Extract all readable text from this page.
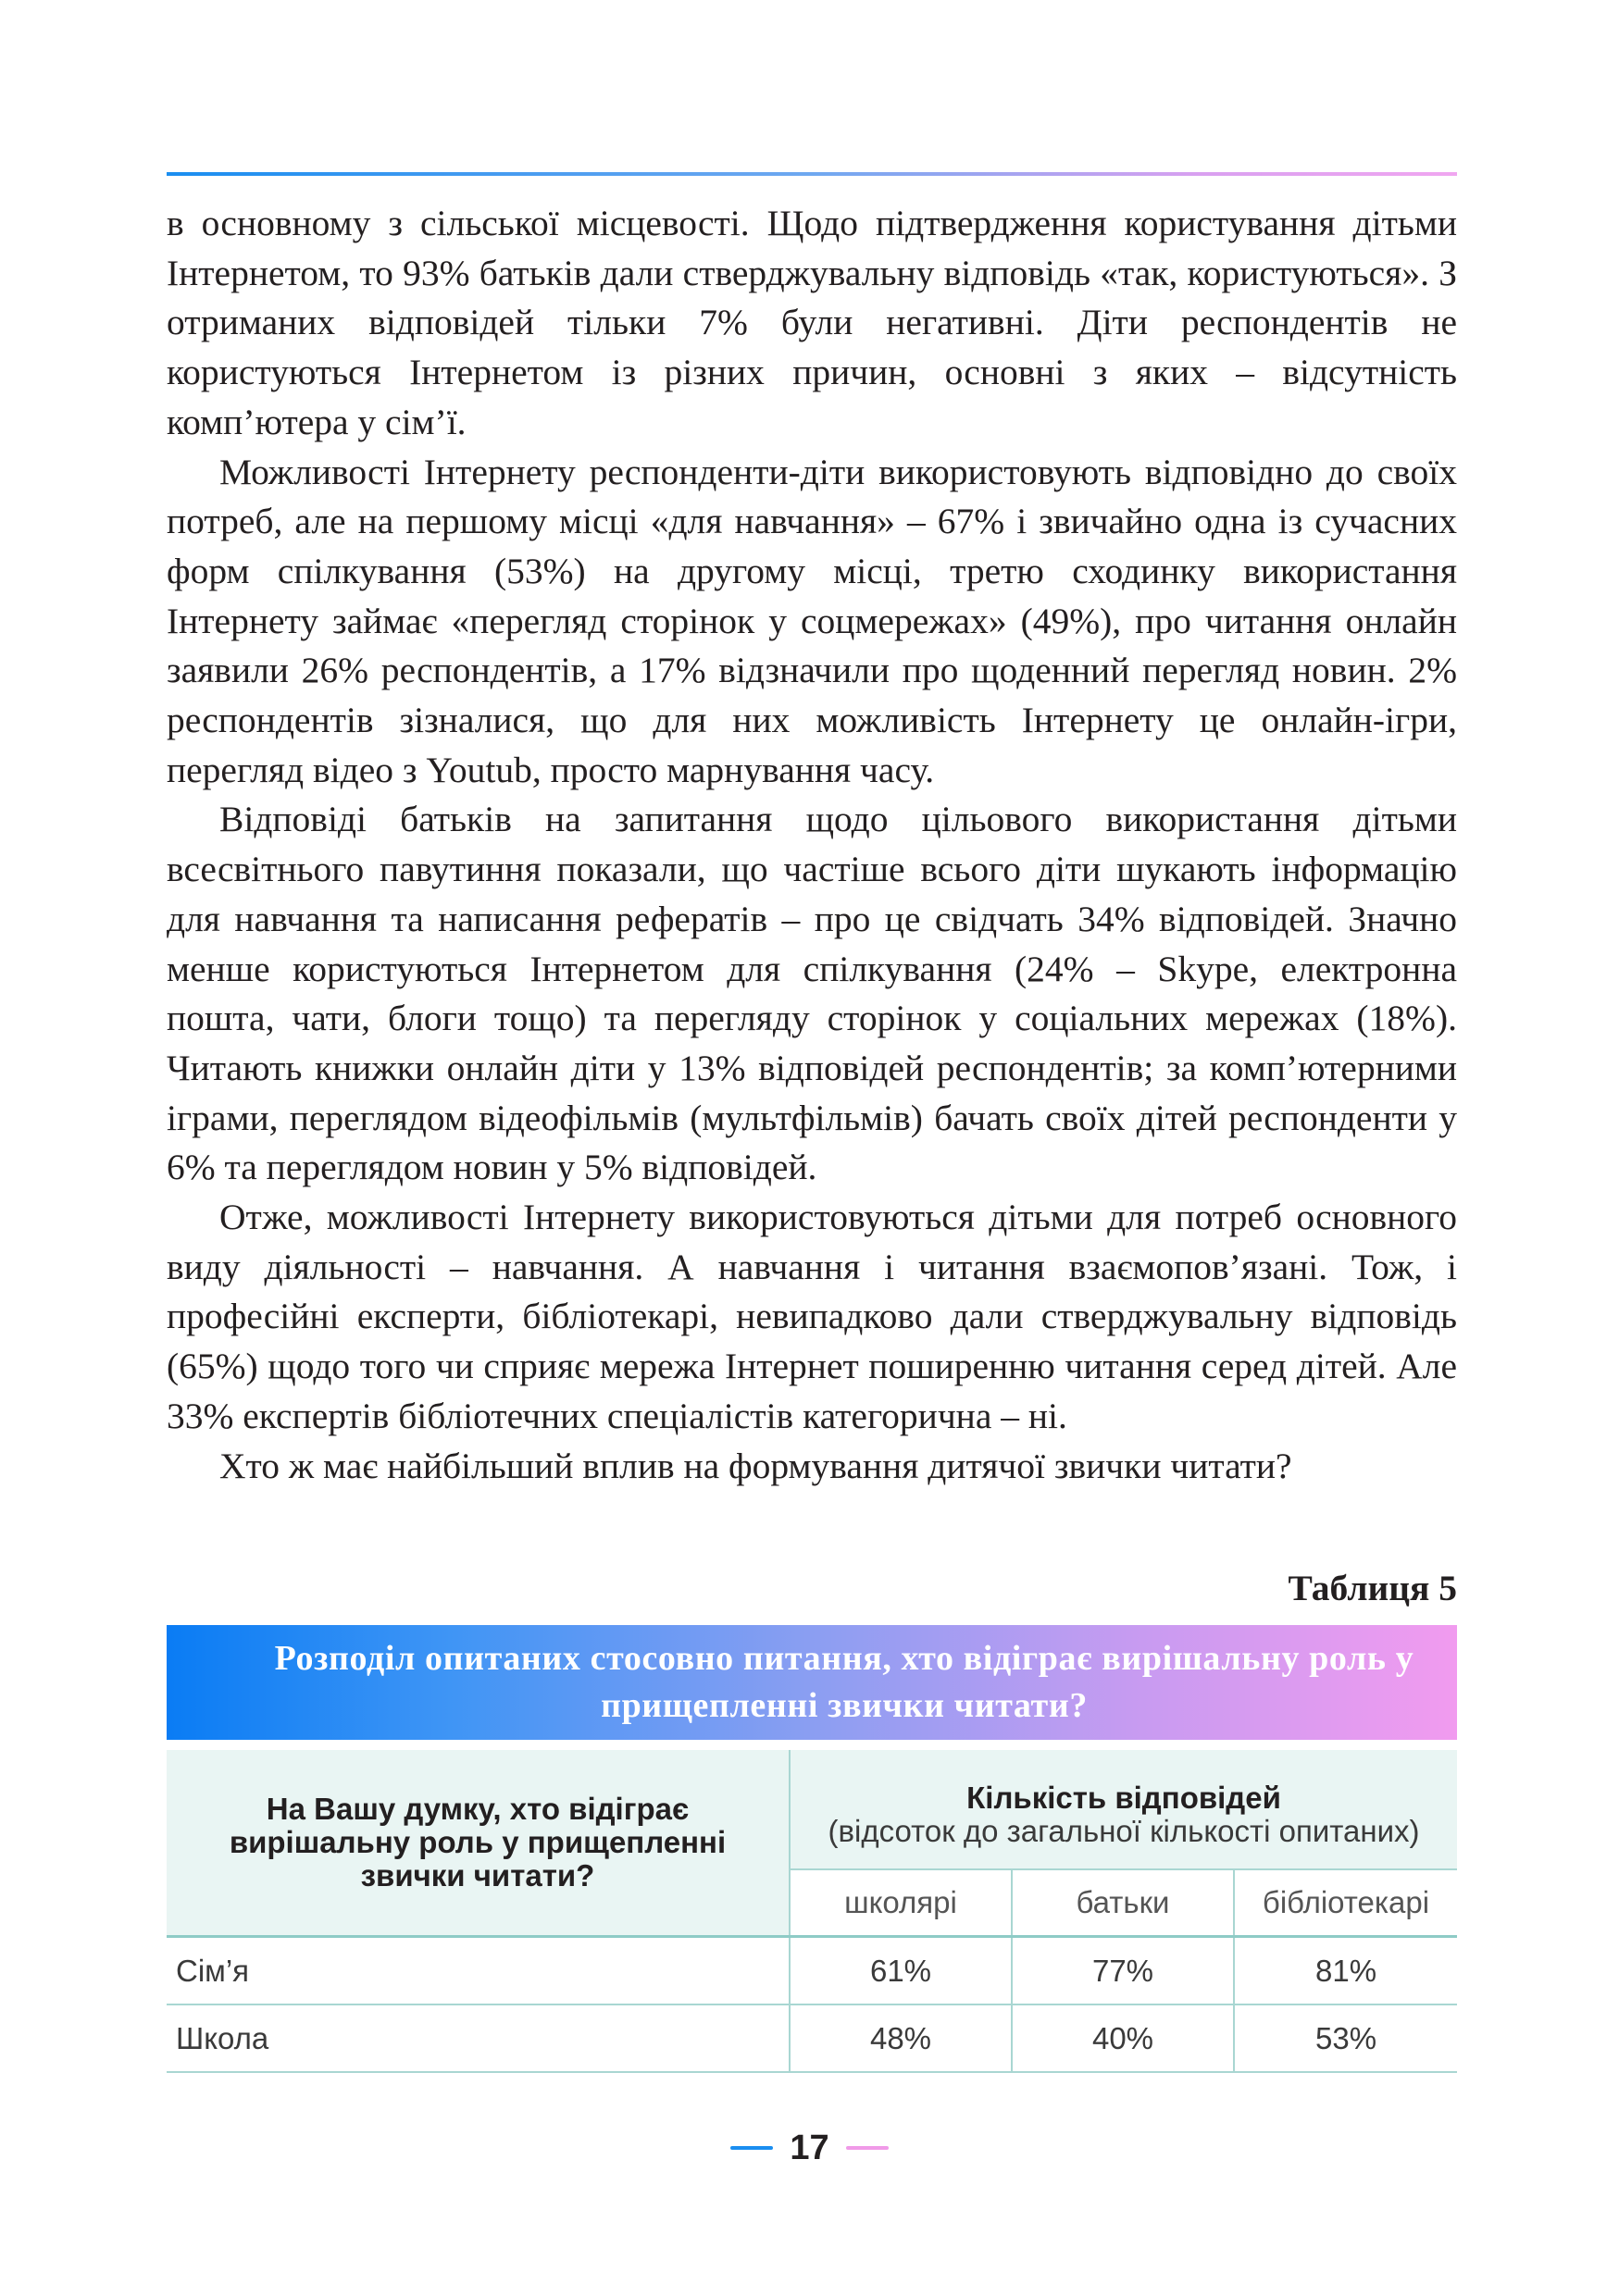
в основному з сільської місцевості. Щодо підтвердження користування дітьми Інтернетом, то 93% батьків дали стверджувальну відповідь «так, користуються». З отриманих відповідей тільки 7% були негативні. Діти респондентів не користуються Інтернетом із різних причин, основні з яких – відсутність комп’ютера у сім’ї.

Можливості Інтернету респонденти-діти використовують відповідно до своїх потреб, але на першому місці «для навчання» – 67% і звичайно одна із сучасних форм спілкування (53%) на другому місці, третю сходинку використання Інтернету займає «перегляд сторінок у соцмережах» (49%), про читання онлайн заявили 26% респондентів, а 17% відзначили про щоденний перегляд новин. 2% респондентів зізналися, що для них можливість Інтернету це онлайн-ігри, перегляд відео з Youtub, просто марнування часу.

Відповіді батьків на запитання щодо цільового використання дітьми всесвітнього павутиння показали, що частіше всього діти шукають інформацію для навчання та написання рефератів – про це свідчать 34% відповідей. Значно менше користуються Інтернетом для спілкування (24% – Skype, електронна пошта, чати, блоги тощо) та перегляду сторінок у соціальних мережах (18%). Читають книжки онлайн діти у 13% відповідей респондентів; за комп’ютерними іграми, переглядом відеофільмів (мультфільмів) бачать своїх дітей респонденти у 6% та переглядом новин у 5% відповідей.

Отже, можливості Інтернету використовуються дітьми для потреб основного виду діяльності – навчання. А навчання і читання взаємопов’язані. Тож, і професійні експерти, бібліотекарі, невипадково дали стверджувальну відповідь (65%) щодо того чи сприяє мережа Інтернет поширенню читання серед дітей. Але 33% експертів бібліотечних спеціалістів категорична – ні.

Хто ж має найбільший вплив на формування дитячої звички читати?

Таблиця 5

Розподіл опитаних стосовно питання, хто відіграє вирішальну роль у прищепленні звички читати?

На Вашу думку, хто відіграє вирішальну роль у прищепленні звички читати?	Кількість відповідей
(відсоток до загальної кількості опитаних)		

	школярі	батьки	бібліотекарі
Сім’я	61%	77%	81%
Школа	48%	40%	53%
17
